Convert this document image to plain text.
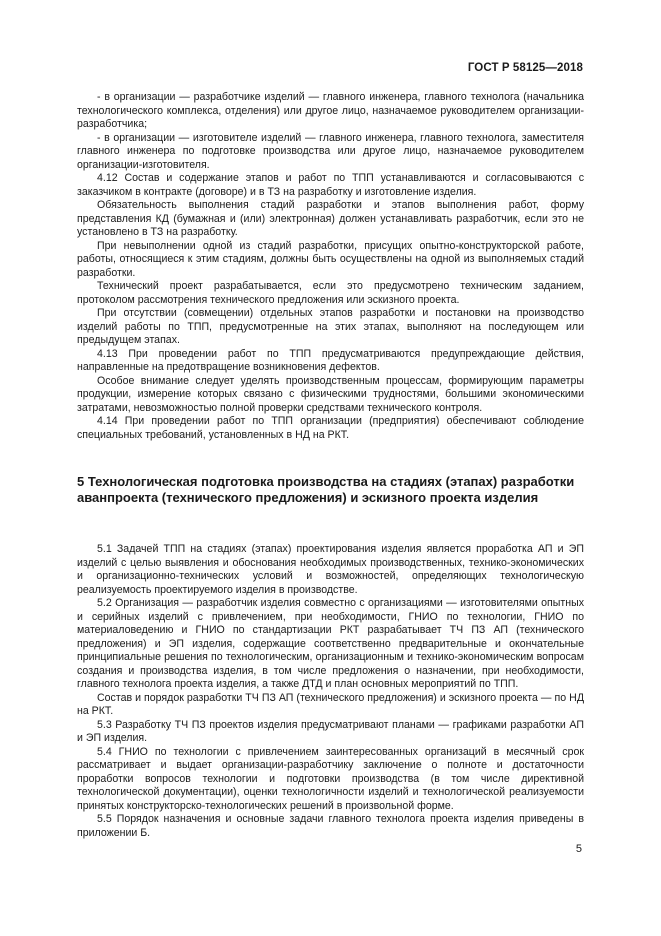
ГОСТ Р 58125—2018

- в организации — разработчике изделий — главного инженера, главного технолога (начальника технологического комплекса, отделения) или другое лицо, назначаемое руководителем организации-разработчика;

- в организации — изготовителе изделий — главного инженера, главного технолога, заместителя главного инженера по подготовке производства или другое лицо, назначаемое руководителем организации-изготовителя.

4.12 Состав и содержание этапов и работ по ТПП устанавливаются и согласовываются с заказчиком в контракте (договоре) и в ТЗ на разработку и изготовление изделия.

Обязательность выполнения стадий разработки и этапов выполнения работ, форму представления КД (бумажная и (или) электронная) должен устанавливать разработчик, если это не установлено в ТЗ на разработку.

При невыполнении одной из стадий разработки, присущих опытно-конструкторской работе, работы, относящиеся к этим стадиям, должны быть осуществлены на одной из выполняемых стадий разработки.

Технический проект разрабатывается, если это предусмотрено техническим заданием, протоколом рассмотрения технического предложения или эскизного проекта.

При отсутствии (совмещении) отдельных этапов разработки и постановки на производство изделий работы по ТПП, предусмотренные на этих этапах, выполняют на последующем или предыдущем этапах.

4.13 При проведении работ по ТПП предусматриваются предупреждающие действия, направленные на предотвращение возникновения дефектов.

Особое внимание следует уделять производственным процессам, формирующим параметры продукции, измерение которых связано с физическими трудностями, большими экономическими затратами, невозможностью полной проверки средствами технического контроля.

4.14 При проведении работ по ТПП организации (предприятия) обеспечивают соблюдение специальных требований, установленных в НД на РКТ.

5 Технологическая подготовка производства на стадиях (этапах) разработки аванпроекта (технического предложения) и эскизного проекта изделия

5.1 Задачей ТПП на стадиях (этапах) проектирования изделия является проработка АП и ЭП изделий с целью выявления и обоснования необходимых производственных, технико-экономических и организационно-технических условий и возможностей, определяющих технологическую реализуемость проектируемого изделия в производстве.

5.2 Организация — разработчик изделия совместно с организациями — изготовителями опытных и серийных изделий с привлечением, при необходимости, ГНИО по технологии, ГНИО по материаловедению и ГНИО по стандартизации РКТ разрабатывает ТЧ ПЗ АП (технического предложения) и ЭП изделия, содержащие соответственно предварительные и окончательные принципиальные решения по технологическим, организационным и технико-экономическим вопросам создания и производства изделия, в том числе предложения о назначении, при необходимости, главного технолога проекта изделия, а также ДТД и план основных мероприятий по ТПП.

Состав и порядок разработки ТЧ ПЗ АП (технического предложения) и эскизного проекта — по НД на РКТ.

5.3 Разработку ТЧ ПЗ проектов изделия предусматривают планами — графиками разработки АП и ЭП изделия.

5.4 ГНИО по технологии с привлечением заинтересованных организаций в месячный срок рассматривает и выдает организации-разработчику заключение о полноте и достаточности проработки вопросов технологии и подготовки производства (в том числе директивной технологической документации), оценки технологичности изделий и технологической реализуемости принятых конструкторско-технологических решений в произвольной форме.

5.5 Порядок назначения и основные задачи главного технолога проекта изделия приведены в приложении Б.

5
